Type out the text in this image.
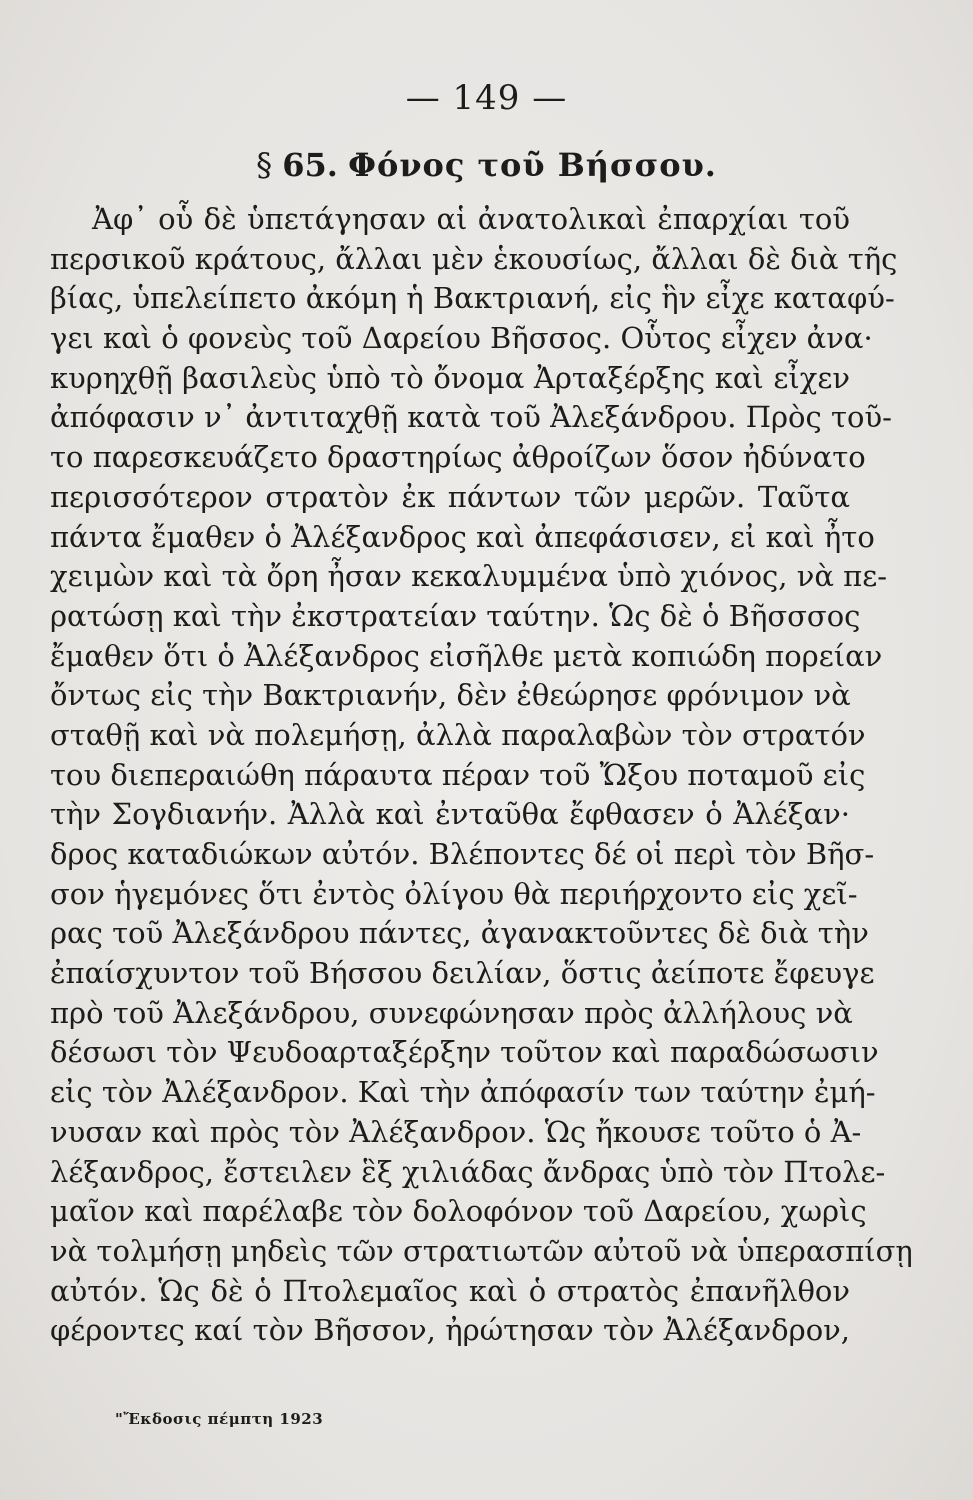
— 149 —
§ 65. Φόνος τοῦ Βήσσου.
Ἀφ᾽ οὗ δὲ ὑπετάγησαν αἱ ἀνατολικαὶ ἐπαρχίαι τοῦ
περσικοῦ κράτους, ἄλλαι μὲν ἑκουσίως, ἄλλαι δὲ διὰ τῆς
βίας, ὑπελείπετο ἀκόμη ἡ Βακτριανή, εἰς ἣν εἶχε καταφύ-
γει καὶ ὁ φονεὺς τοῦ Δαρείου Βῆσσος. Οὗτος εἶχεν ἀνα·
κυρηχθῇ βασιλεὺς ὑπὸ τὸ ὄνομα Ἀρταξέρξης καὶ εἶχεν
ἀπόφασιν ν᾽ ἀντιταχθῇ κατὰ τοῦ Ἀλεξάνδρου. Πρὸς τοῦ-
το παρεσκευάζετο δραστηρίως ἀθροίζων ὅσον ἠδύνατο
περισσότερον στρατὸν ἐκ πάντων τῶν μερῶν. Ταῦτα
πάντα ἔμαθεν ὁ Ἀλέξανδρος καὶ ἀπεφάσισεν, εἰ καὶ ἦτο
χειμὼν καὶ τὰ ὄρη ἦσαν κεκαλυμμένα ὑπὸ χιόνος, νὰ πε-
ρατώσῃ καὶ τὴν ἐκστρατείαν ταύτην. Ὡς δὲ ὁ Βῆσσσος
ἔμαθεν ὅτι ὁ Ἀλέξανδρος εἰσῆλθε μετὰ κοπιώδη πορείαν
ὄντως εἰς τὴν Βακτριανήν, δὲν ἐθεώρησε φρόνιμον νὰ
σταθῇ καὶ νὰ πολεμήσῃ, ἀλλὰ παραλαβὼν τὸν στρατόν
του διεπεραιώθη πάραυτα πέραν τοῦ Ὤξου ποταμοῦ εἰς
τὴν Σογδιανήν. Ἀλλὰ καὶ ἐνταῦθα ἔφθασεν ὁ Ἀλέξαν·
δρος καταδιώκων αὐτόν. Βλέποντες δέ οἱ περὶ τὸν Βῆσ-
σον ἡγεμόνες ὅτι ἐντὸς ὀλίγου θὰ περιήρχοντο εἰς χεῖ-
ρας τοῦ Ἀλεξάνδρου πάντες, ἀγανακτοῦντες δὲ διὰ τὴν
ἐπαίσχυντον τοῦ Βήσσου δειλίαν, ὅστις ἀείποτε ἔφευγε
πρὸ τοῦ Ἀλεξάνδρου, συνεφώνησαν πρὸς ἀλλήλους νὰ
δέσωσι τὸν Ψευδοαρταξέρξην τοῦτον καὶ παραδώσωσιν
εἰς τὸν Ἀλέξανδρον. Καὶ τὴν ἀπόφασίν των ταύτην ἐμή-
νυσαν καὶ πρὸς τὸν Ἀλέξανδρον. Ὡς ἤκουσε τοῦτο ὁ Ἀ-
λέξανδρος, ἔστειλεν ἓξ χιλιάδας ἄνδρας ὑπὸ τὸν Πτολε-
μαῖον καὶ παρέλαβε τὸν δολοφόνον τοῦ Δαρείου, χωρὶς
νὰ τολμήσῃ μηδεὶς τῶν στρατιωτῶν αὐτοῦ νὰ ὑπερασπίσῃ
αὐτόν. Ὡς δὲ ὁ Πτολεμαῖος καὶ ὁ στρατὸς ἐπανῆλθον
φέροντες καί τὸν Βῆσσον, ἠρώτησαν τὸν Ἀλέξανδρον,
"Ἔκδοσις πέμπτη 1923
